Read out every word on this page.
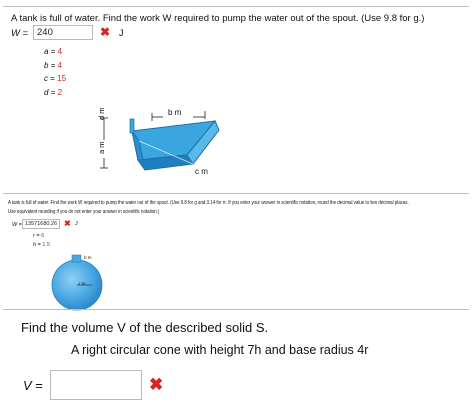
A tank is full of water. Find the work W required to pump the water out of the spout. (Use 9.8 for g.)
W = 240	✖ J
a = 4
b = 4
c = 15
d = 2
b m
d m
a m
c m
A tank is full of water. Find the work W required to pump the water out of the spout. (Use 9.8 for g and 3.14 for π. If you enter your answer in scientific notation, round the decimal value to two decimal places. Use equivalent rounding if you do not enter your answer in scientific notation.)
W = 13571680.26 ✖ J
r = 6
h = 1.5
h m
r m
Find the volume V of the described solid S.
A right circular cone with height 7h and base radius 4r
V =	✖
